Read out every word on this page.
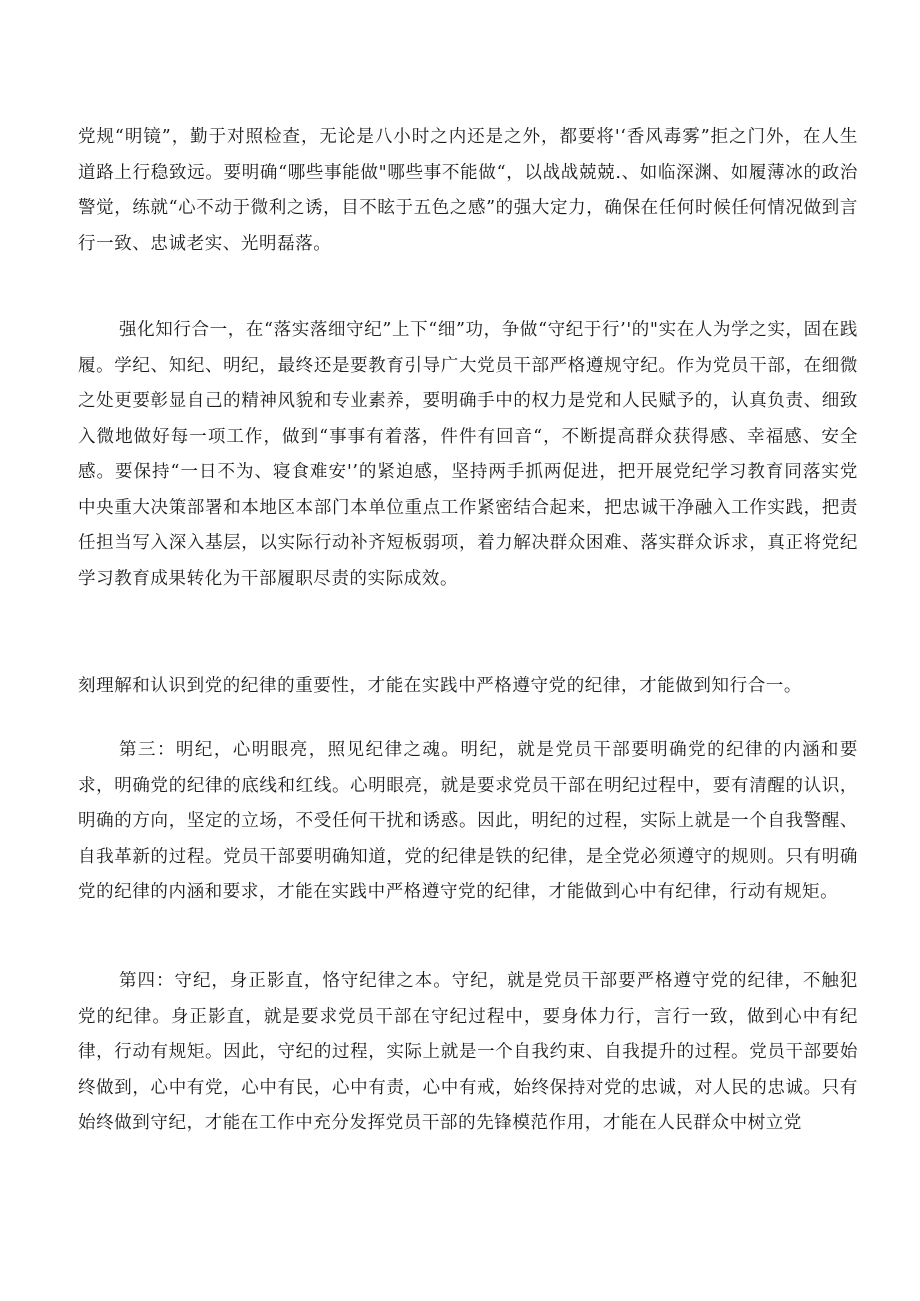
党规“明镜”，勤于对照检查，无论是八小时之内还是之外，都要将'‘香风毒雾”拒之门外，在人生道路上行稳致远。要明确“哪些事能做"哪些事不能做“，以战战兢兢.、如临深渊、如履薄冰的政治警觉，练就“心不动于微利之诱，目不眩于五色之感”的强大定力，确保在任何时候任何情况做到言行一致、忠诚老实、光明磊落。

强化知行合一，在“落实落细守纪”上下“细”功，争做“守纪于行’'的"实在人为学之实，固在践履。学纪、知纪、明纪，最终还是要教育引导广大党员干部严格遵规守纪。作为党员干部，在细微之处更要彰显自己的精神风貌和专业素养，要明确手中的权力是党和人民赋予的，认真负责、细致入微地做好每一项工作，做到“事事有着落，件件有回音“，不断提高群众获得感、幸福感、安全感。要保持“一日不为、寝食难安'’的紧迫感，坚持两手抓两促进，把开展党纪学习教育同落实党中央重大决策部署和本地区本部门本单位重点工作紧密结合起来，把忠诚干净融入工作实践，把责任担当写入深入基层，以实际行动补齐短板弱项，着力解决群众困难、落实群众诉求，真正将党纪学习教育成果转化为干部履职尽责的实际成效。

刻理解和认识到党的纪律的重要性，才能在实践中严格遵守党的纪律，才能做到知行合一。

第三：明纪，心明眼亮，照见纪律之魂。明纪，就是党员干部要明确党的纪律的内涵和要求，明确党的纪律的底线和红线。心明眼亮，就是要求党员干部在明纪过程中，要有清醒的认识，明确的方向，坚定的立场，不受任何干扰和诱惑。因此，明纪的过程，实际上就是一个自我警醒、自我革新的过程。党员干部要明确知道，党的纪律是铁的纪律，是全党必须遵守的规则。只有明确党的纪律的内涵和要求，才能在实践中严格遵守党的纪律，才能做到心中有纪律，行动有规矩。

第四：守纪，身正影直，恪守纪律之本。守纪，就是党员干部要严格遵守党的纪律，不触犯党的纪律。身正影直，就是要求党员干部在守纪过程中，要身体力行，言行一致，做到心中有纪律，行动有规矩。因此，守纪的过程，实际上就是一个自我约束、自我提升的过程。党员干部要始终做到，心中有党，心中有民，心中有责，心中有戒，始终保持对党的忠诚，对人民的忠诚。只有始终做到守纪，才能在工作中充分发挥党员干部的先锋模范作用，才能在人民群众中树立党
